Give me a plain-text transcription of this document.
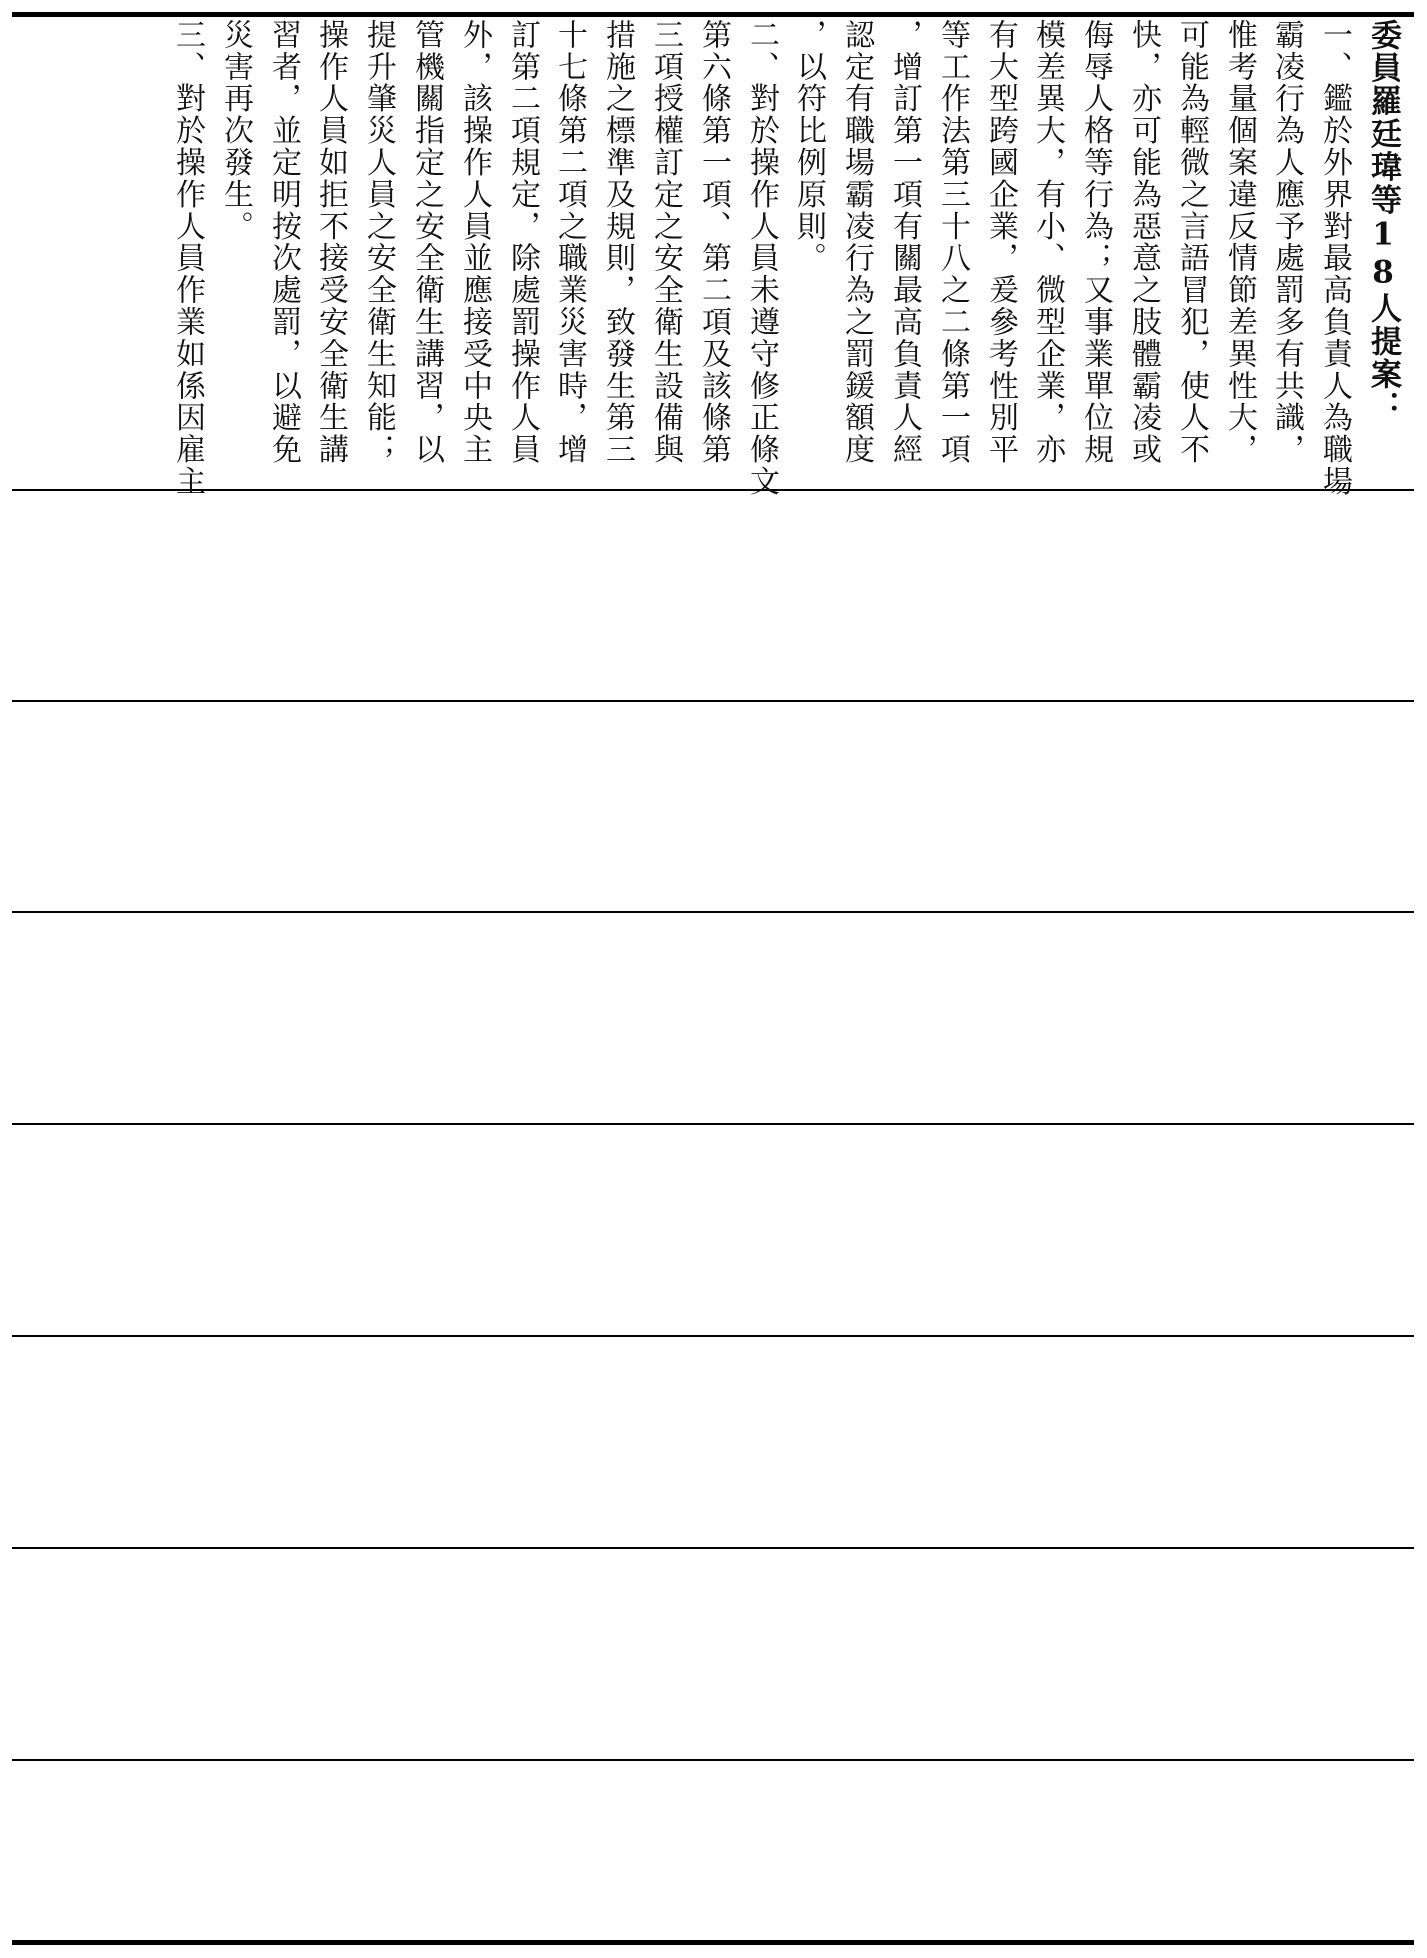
委員羅廷瑋等18人提案：
一、鑑於外界對最高負責人為職場
霸凌行為人應予處罰多有共識，
惟考量個案違反情節差異性大，
可能為輕微之言語冒犯，使人不
快，亦可能為惡意之肢體霸凌或
侮辱人格等行為；又事業單位規
模差異大，有小、微型企業，亦
有大型跨國企業，爰參考性別平
等工作法第三十八之二條第一項
，增訂第一項有關最高負責人經
認定有職場霸凌行為之罰鍰額度
，以符比例原則。
二、對於操作人員未遵守修正條文
第六條第一項、第二項及該條第
三項授權訂定之安全衛生設備與
措施之標準及規則，致發生第三
十七條第二項之職業災害時，增
訂第二項規定，除處罰操作人員
外，該操作人員並應接受中央主
管機關指定之安全衛生講習，以
提升肇災人員之安全衛生知能；
操作人員如拒不接受安全衛生講
習者，並定明按次處罰，以避免
災害再次發生。
三、對於操作人員作業如係因雇主
